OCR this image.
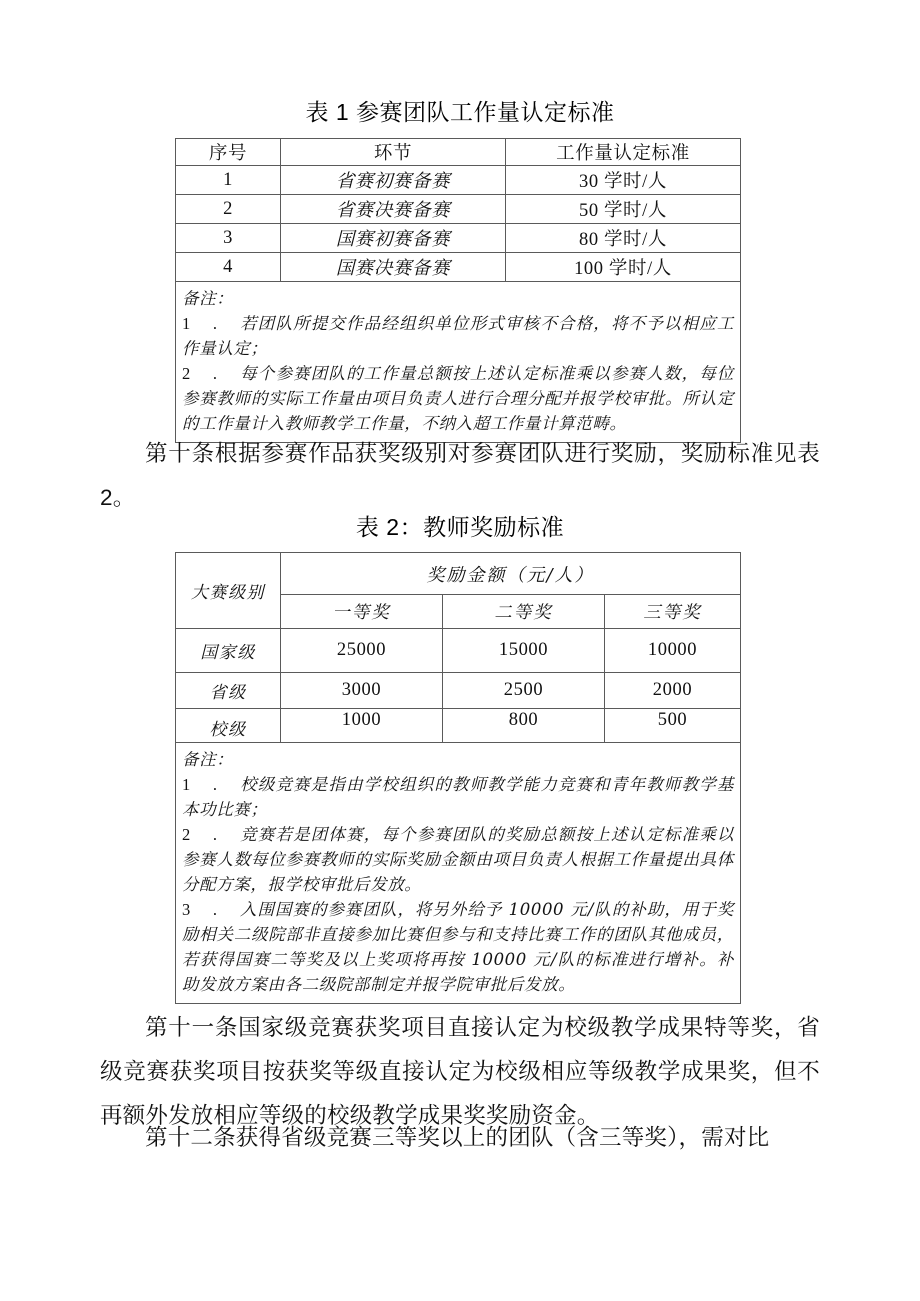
表 1 参赛团队工作量认定标准
序号	环节	工作量认定标准
1	省赛初赛备赛	30 学时/人
2	省赛决赛备赛	50 学时/人
3	国赛初赛备赛	80 学时/人
4	国赛决赛备赛	100 学时/人

备注：
1 . 若团队所提交作品经组织单位形式审核不合格，将不予以相应工作量认定；
2 . 每个参赛团队的工作量总额按上述认定标准乘以参赛人数，每位参赛教师的实际工作量由项目负责人进行合理分配并报学校审批。所认定的工作量计入教师教学工作量，不纳入超工作量计算范畴。		
第十条根据参赛作品获奖级别对参赛团队进行奖励，奖励标准见表 2。
表 2：教师奖励标准
大赛级别	奖励金额（元/人）		
	一等奖	二等奖	三等奖
国家级	25000	15000	10000
省级	3000	2500	2000
校级	1000	800	500

备注：
1 . 校级竞赛是指由学校组织的教师教学能力竞赛和青年教师教学基本功比赛；
2 . 竞赛若是团体赛，每个参赛团队的奖励总额按上述认定标准乘以参赛人数每位参赛教师的实际奖励金额由项目负责人根据工作量提出具体分配方案，报学校审批后发放。
3 . 入围国赛的参赛团队，将另外给予 10000 元/队的补助，用于奖励相关二级院部非直接参加比赛但参与和支持比赛工作的团队其他成员，若获得国赛二等奖及以上奖项将再按 10000 元/队的标准进行增补。补助发放方案由各二级院部制定并报学院审批后发放。			
第十一条国家级竞赛获奖项目直接认定为校级教学成果特等奖，省级竞赛获奖项目按获奖等级直接认定为校级相应等级教学成果奖，但不再额外发放相应等级的校级教学成果奖奖励资金。
第十二条获得省级竞赛三等奖以上的团队（含三等奖），需对比
